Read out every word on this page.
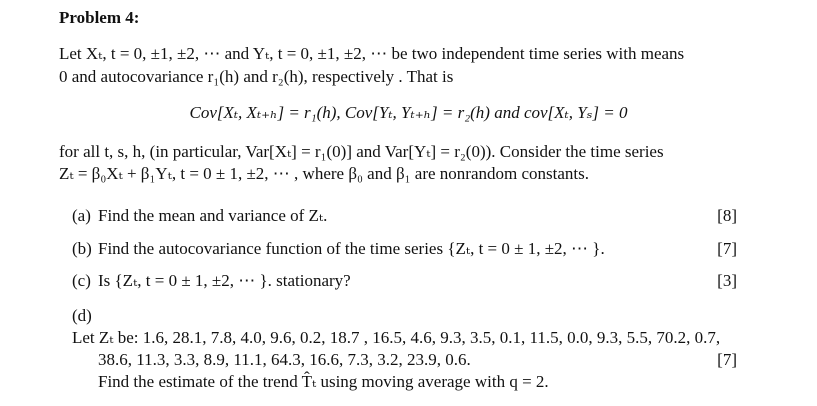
Problem 4:
Let Xₜ, t = 0, ±1, ±2, ⋯ and Yₜ, t = 0, ±1, ±2, ⋯ be two independent time series with means
0 and autocovariance r₁(h) and r₂(h), respectively . That is
Cov[Xₜ, Xₜ₊ₕ] = r₁(h), Cov[Yₜ, Yₜ₊ₕ] = r₂(h) and cov[Xₜ, Yₛ] = 0
for all t, s, h, (in particular, Var[Xₜ] = r₁(0)] and Var[Yₜ] = r₂(0)). Consider the time series
Zₜ = β₀Xₜ + β₁Yₜ, t = 0 ± 1, ±2, ⋯ , where β₀ and β₁ are nonrandom constants.
(a) Find the mean and variance of Zₜ.	[8]
(b) Find the autocovariance function of the time series {Zₜ, t = 0 ± 1, ±2, ⋯ }.	[7]
(c) Is {Zₜ, t = 0 ± 1, ±2, ⋯ }. stationary?	[3]
(d)Let Zₜ be: 1.6, 28.1, 7.8, 4.0, 9.6, 0.2, 18.7 , 16.5, 4.6, 9.3, 3.5, 0.1, 11.5, 0.0, 9.3, 5.5, 70.2, 0.7,
38.6, 11.3, 3.3, 8.9, 11.1, 64.3, 16.6, 7.3, 3.2, 23.9, 0.6.
Find the estimate of the trend T̂ₜ using moving average with q = 2.
[7]
